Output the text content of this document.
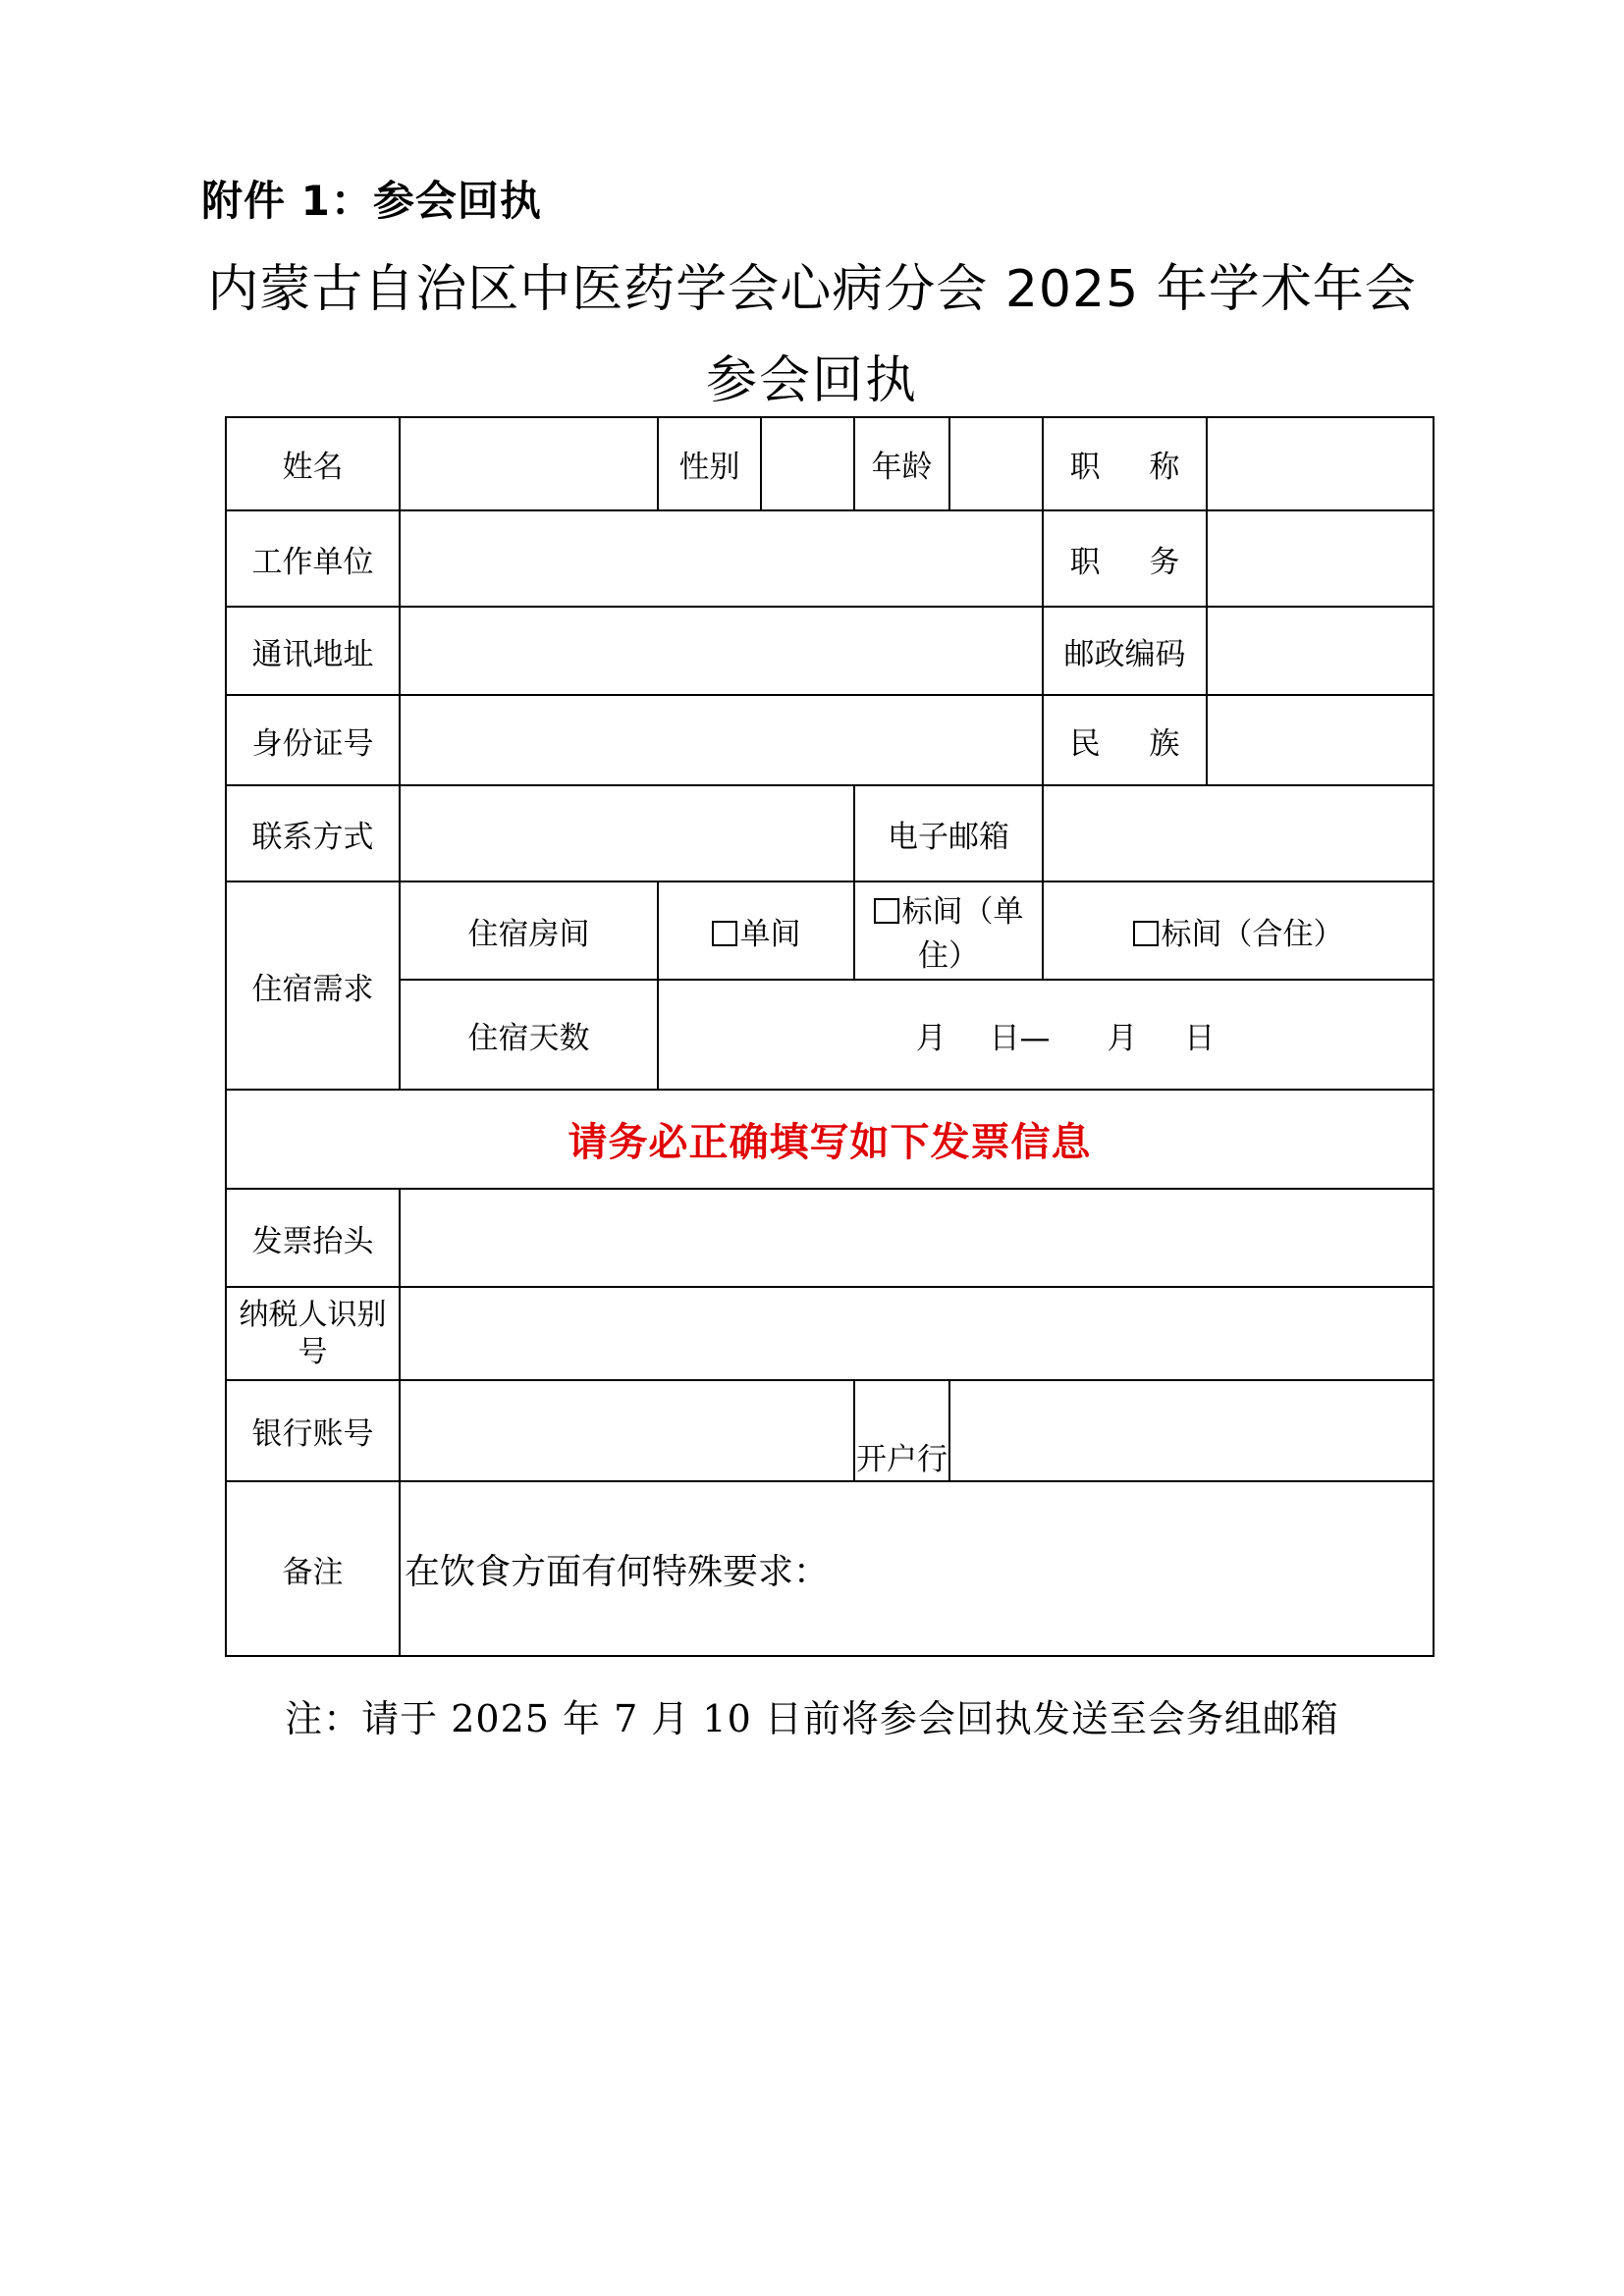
附件 1：参会回执
内蒙古自治区中医药学会心病分会 2025 年学术年会
参会回执
姓名		性别		年龄		职 称	
工作单位						职 务	
通讯地址						邮政编码	
身份证号						民 族	
联系方式				电子邮箱			
住宿需求	住宿房间	单间		标间（单住）		标间（合住）	
	住宿天数	月 日— 月 日					
请务必正确填写如下发票信息							
发票抬头							
纳税人识别号							
银行账号				开户行			
备注	在饮食方面有何特殊要求：						
注：请于 2025 年 7 月 10 日前将参会回执发送至会务组邮箱
